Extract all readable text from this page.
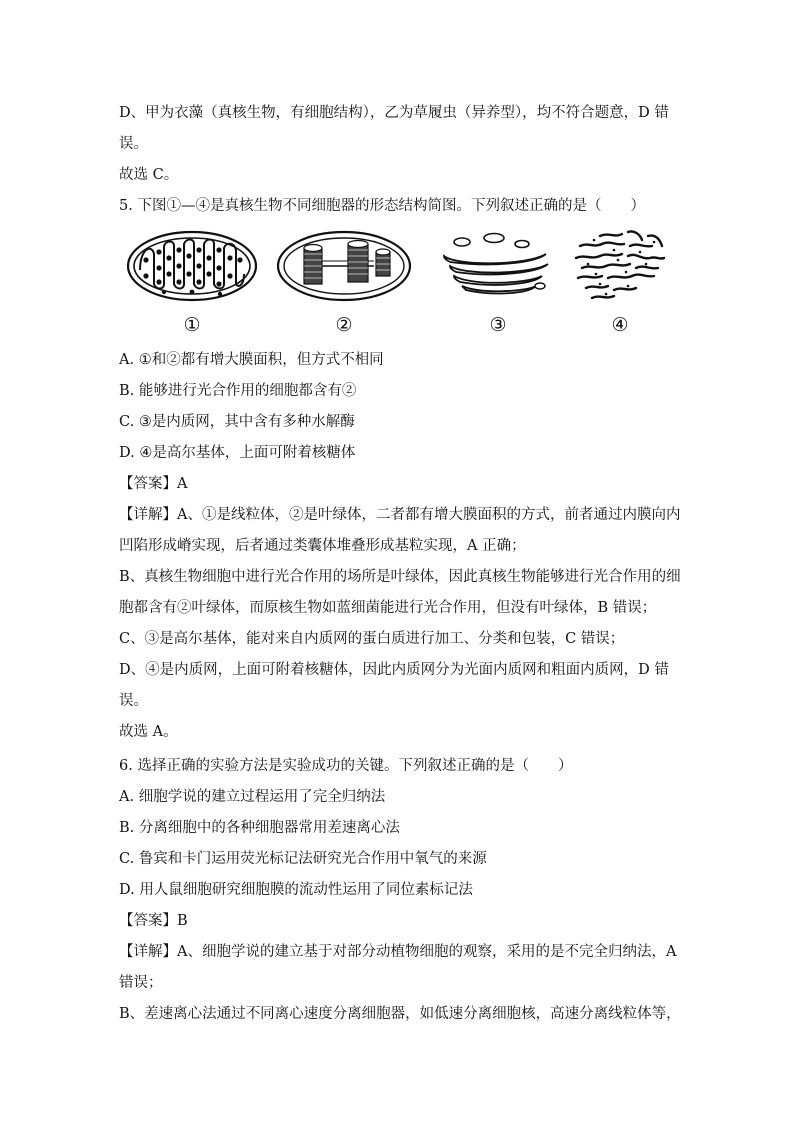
D、甲为衣藻（真核生物，有细胞结构），乙为草履虫（异养型），均不符合题意，D 错
误。
故选 C。
5. 下图①—④是真核生物不同细胞器的形态结构简图。下列叙述正确的是（　　）
①	②	③	④
A. ①和②都有增大膜面积，但方式不相同
B. 能够进行光合作用的细胞都含有②
C. ③是内质网，其中含有多种水解酶
D. ④是高尔基体，上面可附着核糖体
【答案】A
【详解】A、①是线粒体，②是叶绿体，二者都有增大膜面积的方式，前者通过内膜向内
凹陷形成嵴实现，后者通过类囊体堆叠形成基粒实现，A 正确；
B、真核生物细胞中进行光合作用的场所是叶绿体，因此真核生物能够进行光合作用的细
胞都含有②叶绿体，而原核生物如蓝细菌能进行光合作用，但没有叶绿体，B 错误；
C、③是高尔基体，能对来自内质网的蛋白质进行加工、分类和包装，C 错误；
D、④是内质网，上面可附着核糖体，因此内质网分为光面内质网和粗面内质网，D 错
误。
故选 A。
6. 选择正确的实验方法是实验成功的关键。下列叙述正确的是（　　）
A. 细胞学说的建立过程运用了完全归纳法
B. 分离细胞中的各种细胞器常用差速离心法
C. 鲁宾和卡门运用荧光标记法研究光合作用中氧气的来源
D. 用人鼠细胞研究细胞膜的流动性运用了同位素标记法
【答案】B
【详解】A、细胞学说的建立基于对部分动植物细胞的观察，采用的是不完全归纳法，A
错误；
B、差速离心法通过不同离心速度分离细胞器，如低速分离细胞核，高速分离线粒体等，
